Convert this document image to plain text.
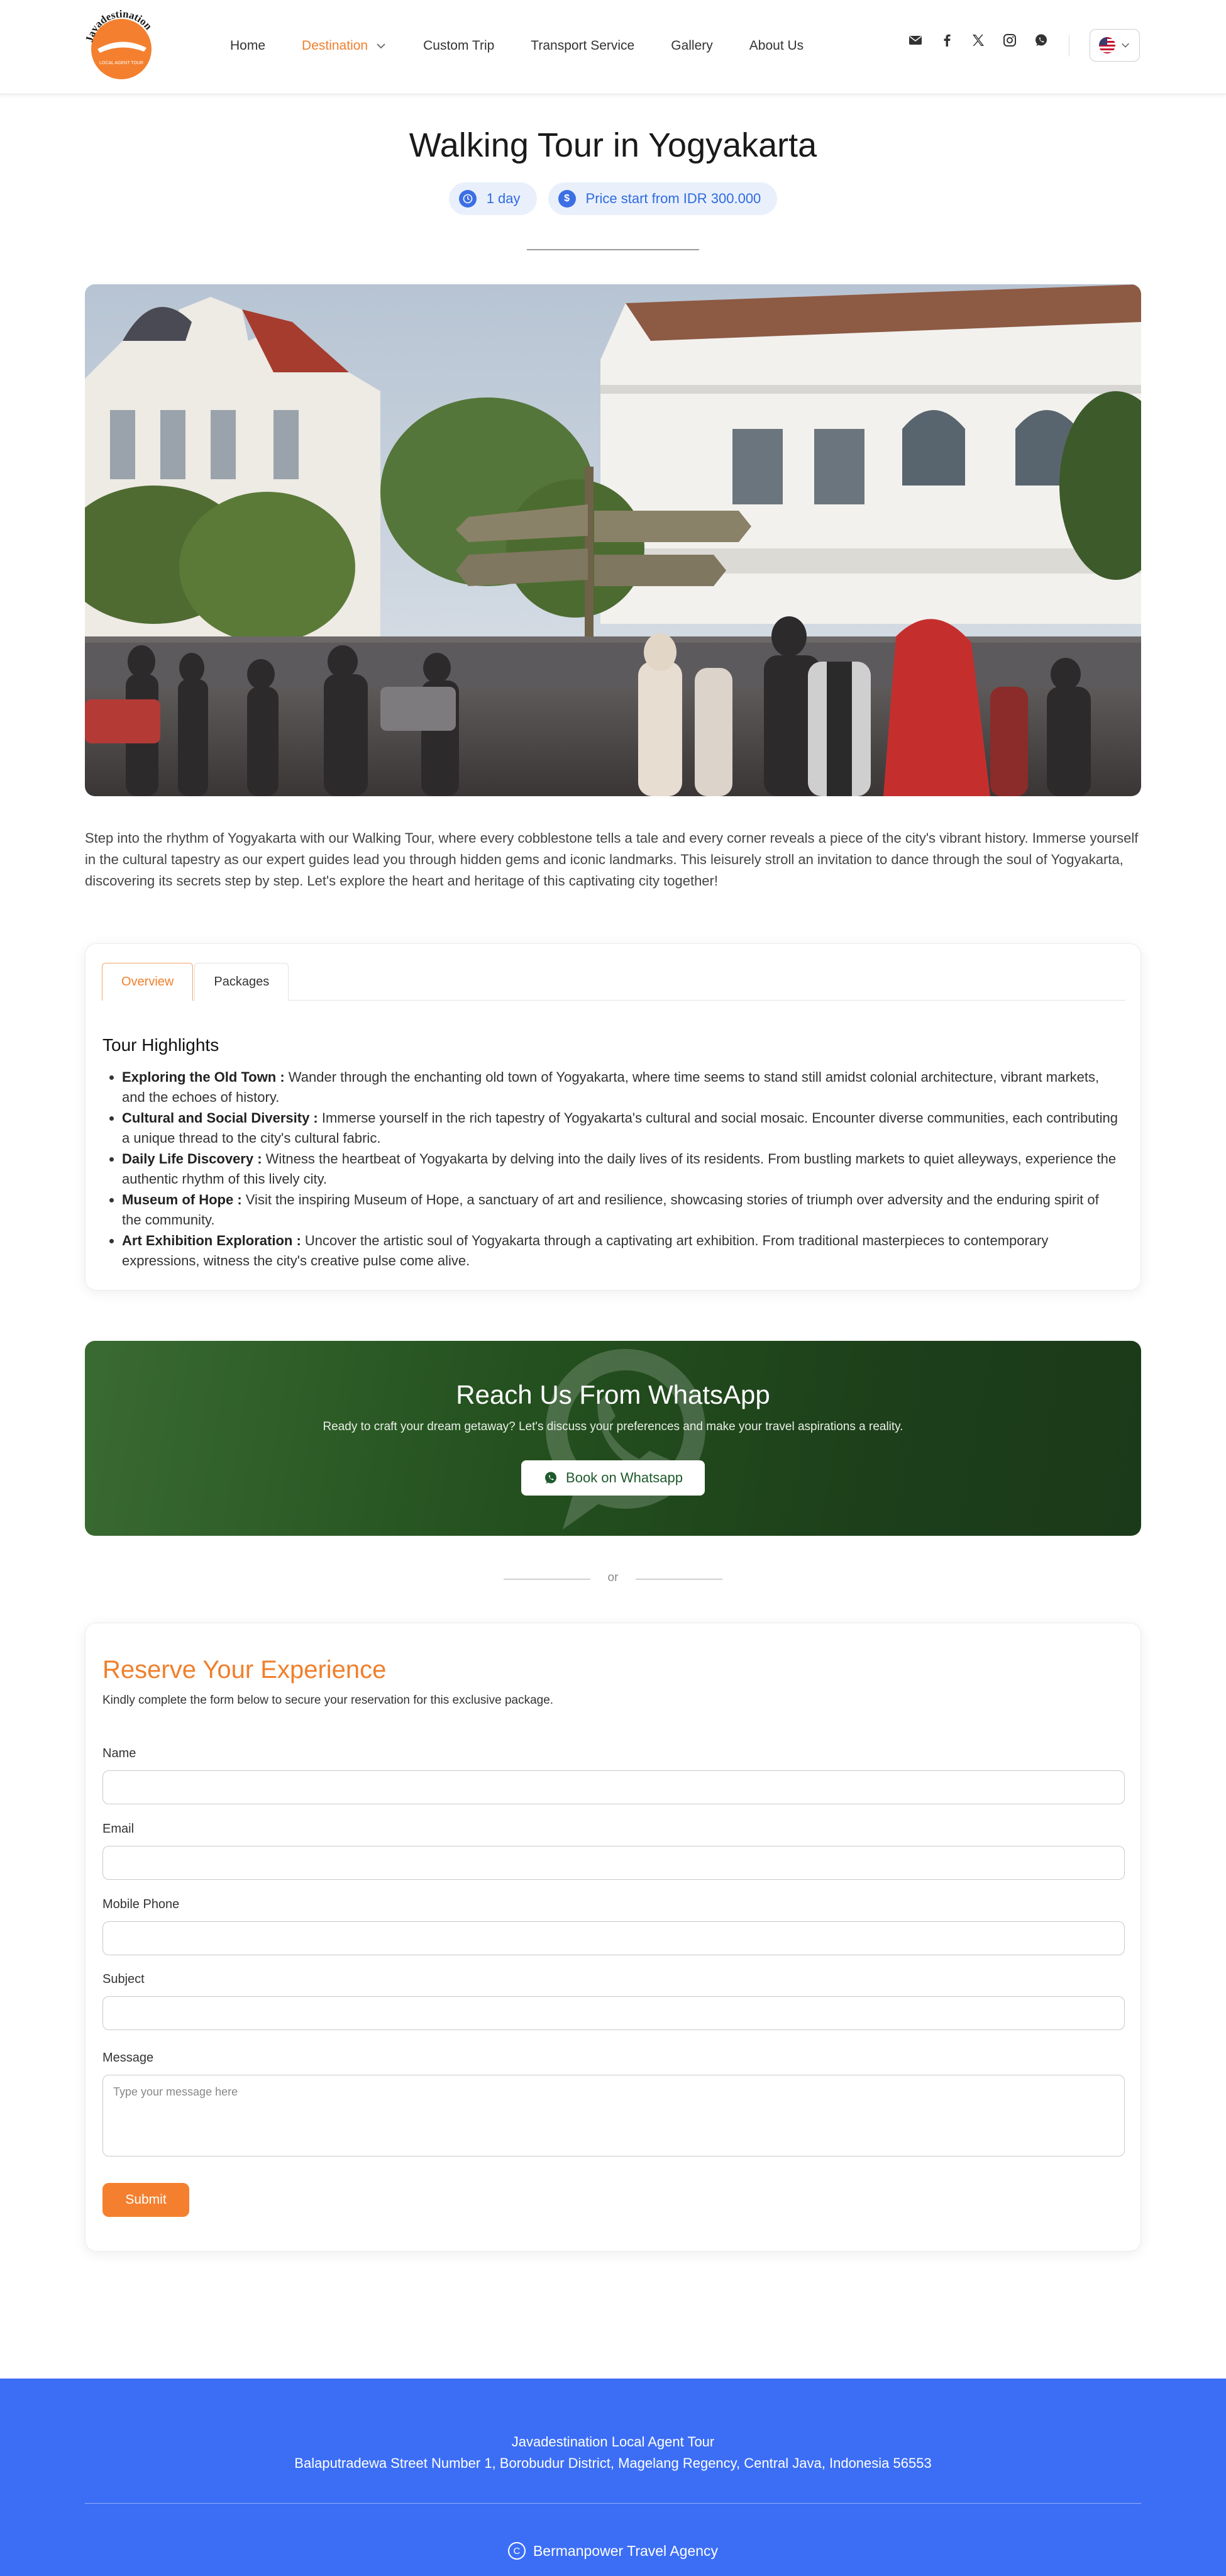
LOCAL AGENT TOUR
Javadestination
Home	Destination	Custom Trip	Transport Service	Gallery	About Us
Walking Tour in Yogyakarta
1 day	$	Price start from IDR 300.000

Step into the rhythm of Yogyakarta with our Walking Tour, where every cobblestone tells a tale and every corner reveals a piece of the city's vibrant history. Immerse yourself in the cultural tapestry as our expert guides lead you through hidden gems and iconic landmarks. This leisurely stroll an invitation to dance through the soul of Yogyakarta, discovering its secrets step by step. Let's explore the heart and heritage of this captivating city together!

Overview	Packages
Tour Highlights
• Exploring the Old Town : Wander through the enchanting old town of Yogyakarta, where time seems to stand still amidst colonial architecture, vibrant markets, and the echoes of history.
• Cultural and Social Diversity : Immerse yourself in the rich tapestry of Yogyakarta's cultural and social mosaic. Encounter diverse communities, each contributing a unique thread to the city's cultural fabric.
• Daily Life Discovery : Witness the heartbeat of Yogyakarta by delving into the daily lives of its residents. From bustling markets to quiet alleyways, experience the authentic rhythm of this lively city.
• Museum of Hope : Visit the inspiring Museum of Hope, a sanctuary of art and resilience, showcasing stories of triumph over adversity and the enduring spirit of the community.
• Art Exhibition Exploration : Uncover the artistic soul of Yogyakarta through a captivating art exhibition. From traditional masterpieces to contemporary expressions, witness the city's creative pulse come alive.
Reach Us From WhatsApp
Ready to craft your dream getaway? Let's discuss your preferences and make your travel aspirations a reality.
Book on Whatsapp
or
Reserve Your Experience

Kindly complete the form below to secure your reservation for this exclusive package.

Name
Email
Mobile Phone
Subject
Message
Type your message here
Submit
Javadestination Local Agent Tour
Balaputradewa Street Number 1, Borobudur District, Magelang Regency, Central Java, Indonesia 56553
C Bermanpower Travel Agency
